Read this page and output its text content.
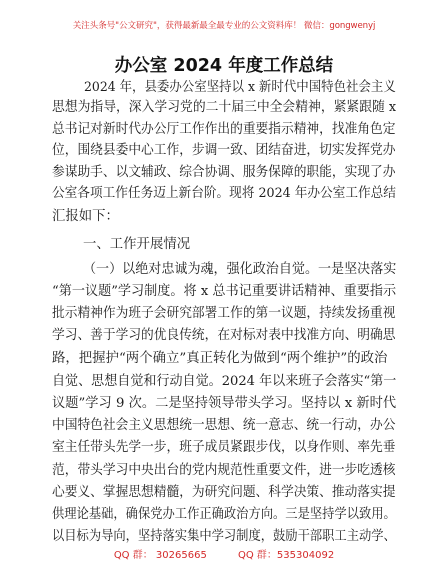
关注头条号"公文研究"，获得最新最全最专业的公文资料库！ 微信：gongwenyj
办公室 2024 年度工作总结
2024 年，县委办公室坚持以 x 新时代中国特色社会主义
思想为指导，深入学习党的二十届三中全会精神，紧紧跟随 x
总书记对新时代办公厅工作作出的重要指示精神，找准角色定
位，围绕县委中心工作，步调一致、团结奋进，切实发挥党办
参谋助手、以文辅政、综合协调、服务保障的职能，实现了办
公室各项工作任务迈上新台阶。现将 2024 年办公室工作总结
汇报如下：
一、工作开展情况
（一）以绝对忠诚为魂，强化政治自觉。一是坚决落实
“第一议题”学习制度。将 x 总书记重要讲话精神、重要指示
批示精神作为班子会研究部署工作的第一议题，持续发扬重视
学习、善于学习的优良传统，在对标对表中找准方向、明确思
路，把握护“两个确立”真正转化为做到“两个维护”的政治
自觉、思想自觉和行动自觉。2024 年以来班子会落实“第一
议题”学习 9 次。二是坚持领导带头学习。坚持以 x 新时代
中国特色社会主义思想统一思想、统一意志、统一行动，办公
室主任带头先学一步，班子成员紧跟步伐，以身作则、率先垂
范，带头学习中央出台的党内规范性重要文件，进一步吃透核
心要义、掌握思想精髓，为研究问题、科学决策、推动落实提
供理论基础，确保党办工作正确政治方向。三是坚持学以致用。
以目标为导向，坚持落实集中学习制度，鼓励干部职工主动学、
QQ 群： 30265665	QQ 群：535304092
